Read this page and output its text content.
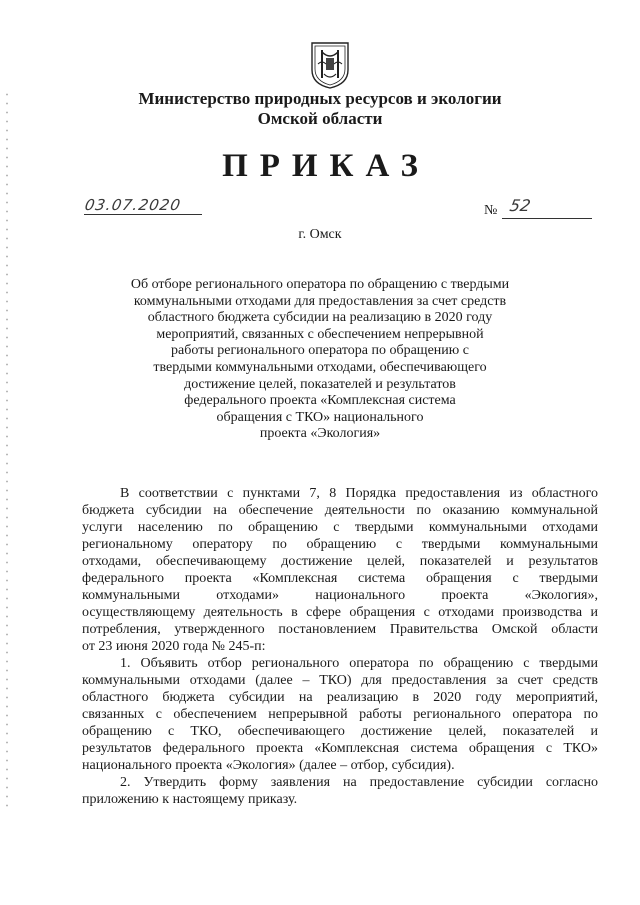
Министерство природных ресурсов и экологии
Омской области
ПРИКАЗ
03.07.2020	№ 52
г. Омск
Об отборе регионального оператора по обращению с твердыми
коммунальными отходами для предоставления за счет средств
областного бюджета субсидии на реализацию в 2020 году
мероприятий, связанных с обеспечением непрерывной
работы регионального оператора по обращению с
твердыми коммунальными отходами, обеспечивающего
достижение целей, показателей и результатов
федерального проекта «Комплексная система
обращения с ТКО» национального
проекта «Экология»
В соответствии с пунктами 7, 8 Порядка предоставления из областного
бюджета субсидии на обеспечение деятельности по оказанию коммунальной
услуги населению по обращению с твердыми коммунальными отходами
региональному оператору по обращению с твердыми коммунальными
отходами, обеспечивающему достижение целей, показателей и результатов
федерального проекта «Комплексная система обращения с твердыми
коммунальными отходами» национального проекта «Экология»,
осуществляющему деятельность в сфере обращения с отходами производства и
потребления, утвержденного постановлением Правительства Омской области
от 23 июня 2020 года № 245-п:
1. Объявить отбор регионального оператора по обращению с твердыми
коммунальными отходами (далее – ТКО) для предоставления за счет средств
областного бюджета субсидии на реализацию в 2020 году мероприятий,
связанных с обеспечением непрерывной работы регионального оператора по
обращению с ТКО, обеспечивающего достижение целей, показателей и
результатов федерального проекта «Комплексная система обращения с ТКО»
национального проекта «Экология» (далее – отбор, субсидия).
2. Утвердить форму заявления на предоставление субсидии согласно
приложению к настоящему приказу.
